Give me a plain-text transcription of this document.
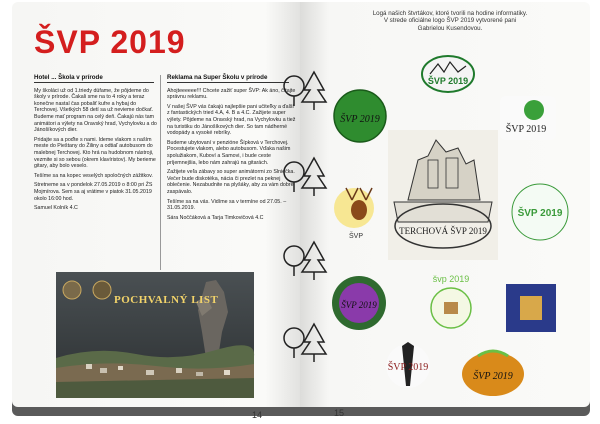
ŠVP 2019
Hotel ... Škola v prírode

My školáci už od 1.triedy dúfame, že pôjdeme do školy v prírode. Čakali sme na to 4 roky a teraz konečne nastal čas pobaliť kufre a hybaj do Terchovej. Všetkých 58 detí sa už nevieme dočkať. Budeme mať program na celý deň. Čakajú nás tam animátori a výlety na Oravský hrad, Vychylovku a do Jánošíkových dier.

Pridajte sa a poďte s nami. Ideme vlakom s naším meste do Pieštany do Žiliny a odtiaľ autobusom do malebnej Terchovej. Kto hrá na hudobnom nástroji, vezmite si so sebou (okrem klavíristov). My berieme gitary, aby bolo veselo.

Tešíme sa na kopec veselých spoločných zážitkov.

Stretneme sa v pondelok 27.05.2019 o 8:00 pri ŽS Mojmírova. Sem sa aj vrátime v piatok 31.05.2019 okolo 16:00 hod.

Samuel Kolník 4.C

Reklama na Super Školu v prírode

Ahojteeeeee!!! Chcete zažiť super ŠVP: Ak áno, čítajte správnu reklamu.

V našej ŠVP vás čakajú najlepšie pani učiteľky a ďalší z fantastických tried 4.A, 4. B a 4.C. Zažijete super výlety. Pôjdeme na Oravský hrad, na Vychylovku a tiež na turistiku do Jánošíkových dier. So tam nádherné vodopády a vysoké rebríky.

Budeme ubytovaní v penzióne Šípková v Terchovej. Pocestujete vlakom, alebo autobusom. Vďaka našim spolužiakom, Kuboví a Samovi, i bude ceste príjemnejšia, lebo nám zahrajú na gitarách.

Zažijete veľa zábavy so super animátormi zo Slniečka. Večer bude diskotéka, nácia či prezlet na peknej oblečenie. Nezabudnite na plyšáky, aby za vám dobre zaspávalo.

Tešíme sa na vás. Vidíme sa v termíne od 27.05. – 31.05.2019.

Sára Noččáková a Tarja Timkovičová 4.C

POCHVALNÝ LIST
14

Logá našich štvrtákov, ktoré tvorili na hodine informatiky.

V strede oficiálne logo ŠVP 2019 vytvorené pani

Gabrielou Kusendovou.

ŠVP 2019
ŠVP 2019
ŠVP 2019
ŠVP
TERCHOVÁ ŠVP 2019
ŠVP 2019
ŠVP 2019
švp 2019
ŠVP 2019
ŠVP 2019
15
